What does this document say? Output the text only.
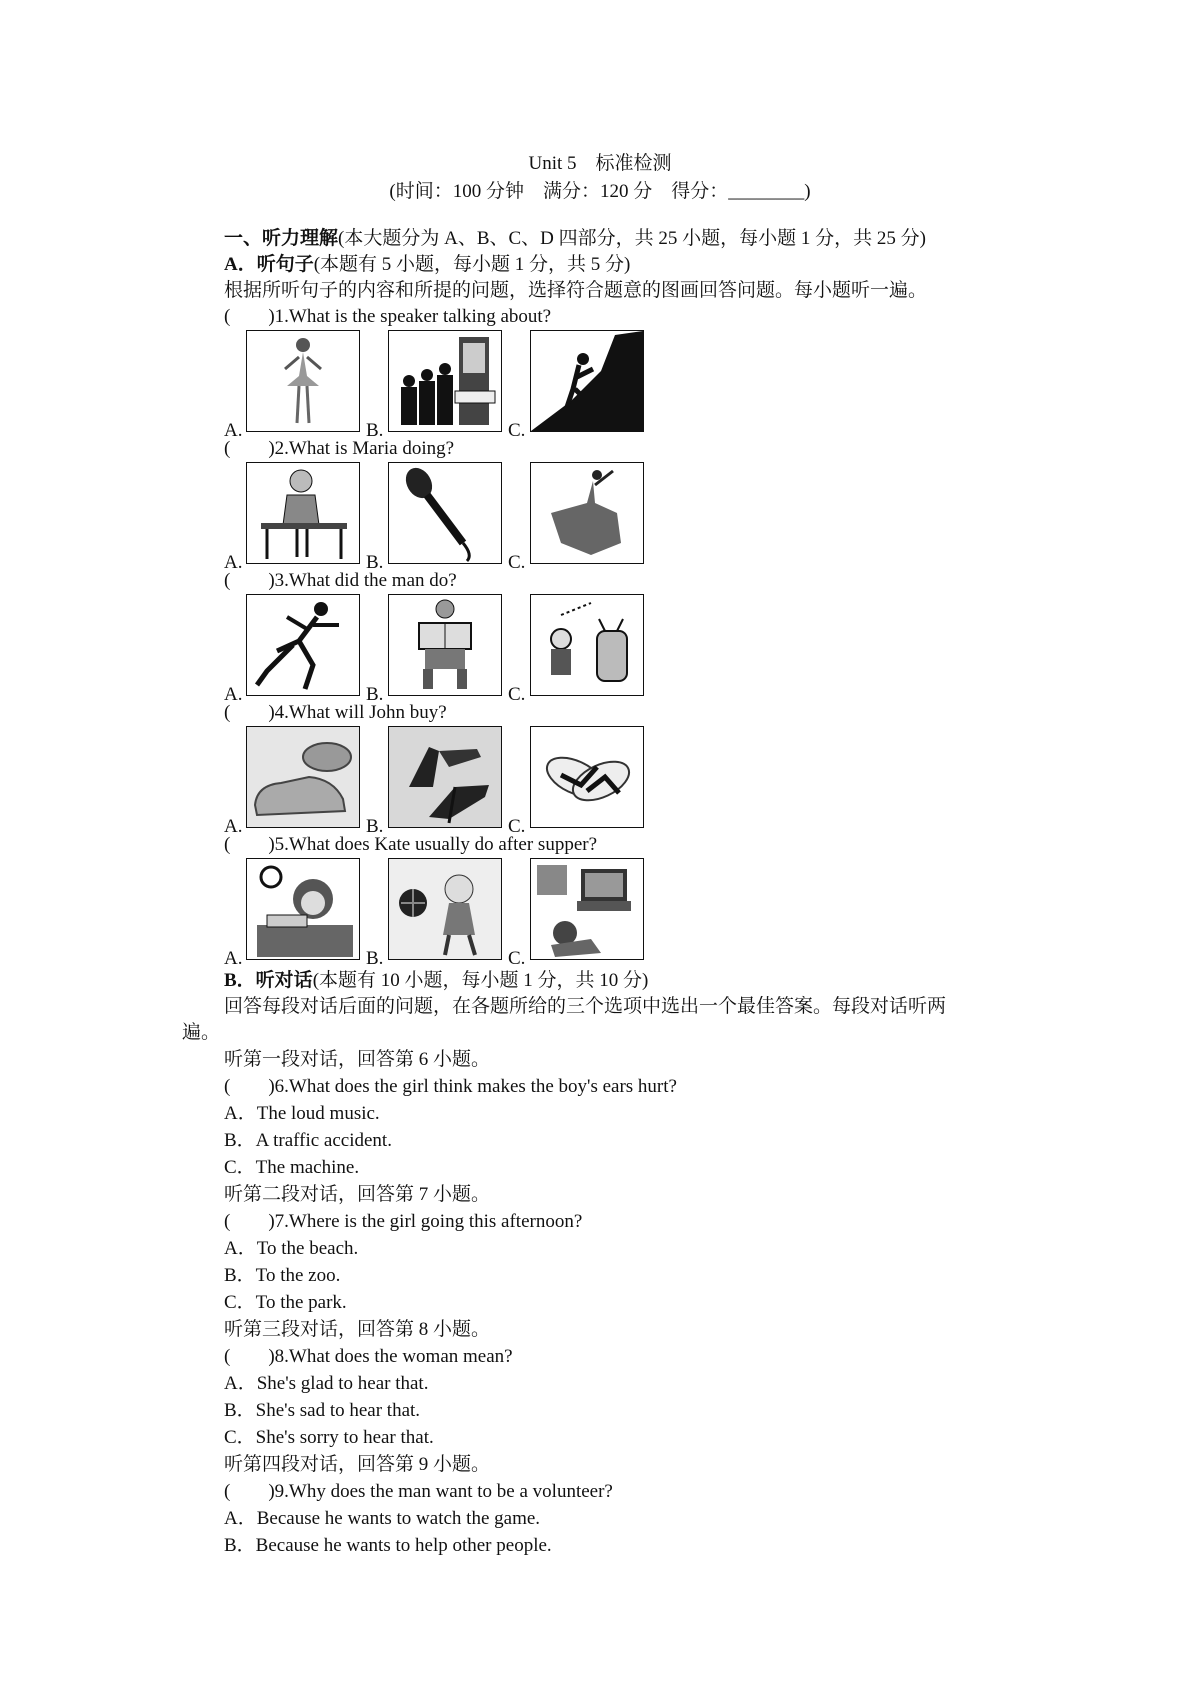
Unit 5　标准检测
(时间：100 分钟　满分：120 分　得分：________)
一、听力理解(本大题分为 A、B、C、D 四部分，共 25 小题，每小题 1 分，共 25 分)
A．听句子(本题有 5 小题，每小题 1 分，共 5 分)
根据所听句子的内容和所提的问题，选择符合题意的图画回答问题。每小题听一遍。
(　　)1.What is the speaker talking about?
A.	B.	C.
(　　)2.What is Maria doing?
A.	B.	C.
(　　)3.What did the man do?
A.	B.	C.
(　　)4.What will John buy?
A.	B.	C.
(　　)5.What does Kate usually do after supper?
A.	B.	C.
B．听对话(本题有 10 小题，每小题 1 分，共 10 分)
回答每段对话后面的问题，在各题所给的三个选项中选出一个最佳答案。每段对话听两
遍。
听第一段对话，回答第 6 小题。
(　　)6.What does the girl think makes the boy's ears hurt?
A．The loud music.
B．A traffic accident.
C．The machine.
听第二段对话，回答第 7 小题。
(　　)7.Where is the girl going this afternoon?
A．To the beach.
B．To the zoo.
C．To the park.
听第三段对话，回答第 8 小题。
(　　)8.What does the woman mean?
A．She's glad to hear that.
B．She's sad to hear that.
C．She's sorry to hear that.
听第四段对话，回答第 9 小题。
(　　)9.Why does the man want to be a volunteer?
A．Because he wants to watch the game.
B．Because he wants to help other people.
